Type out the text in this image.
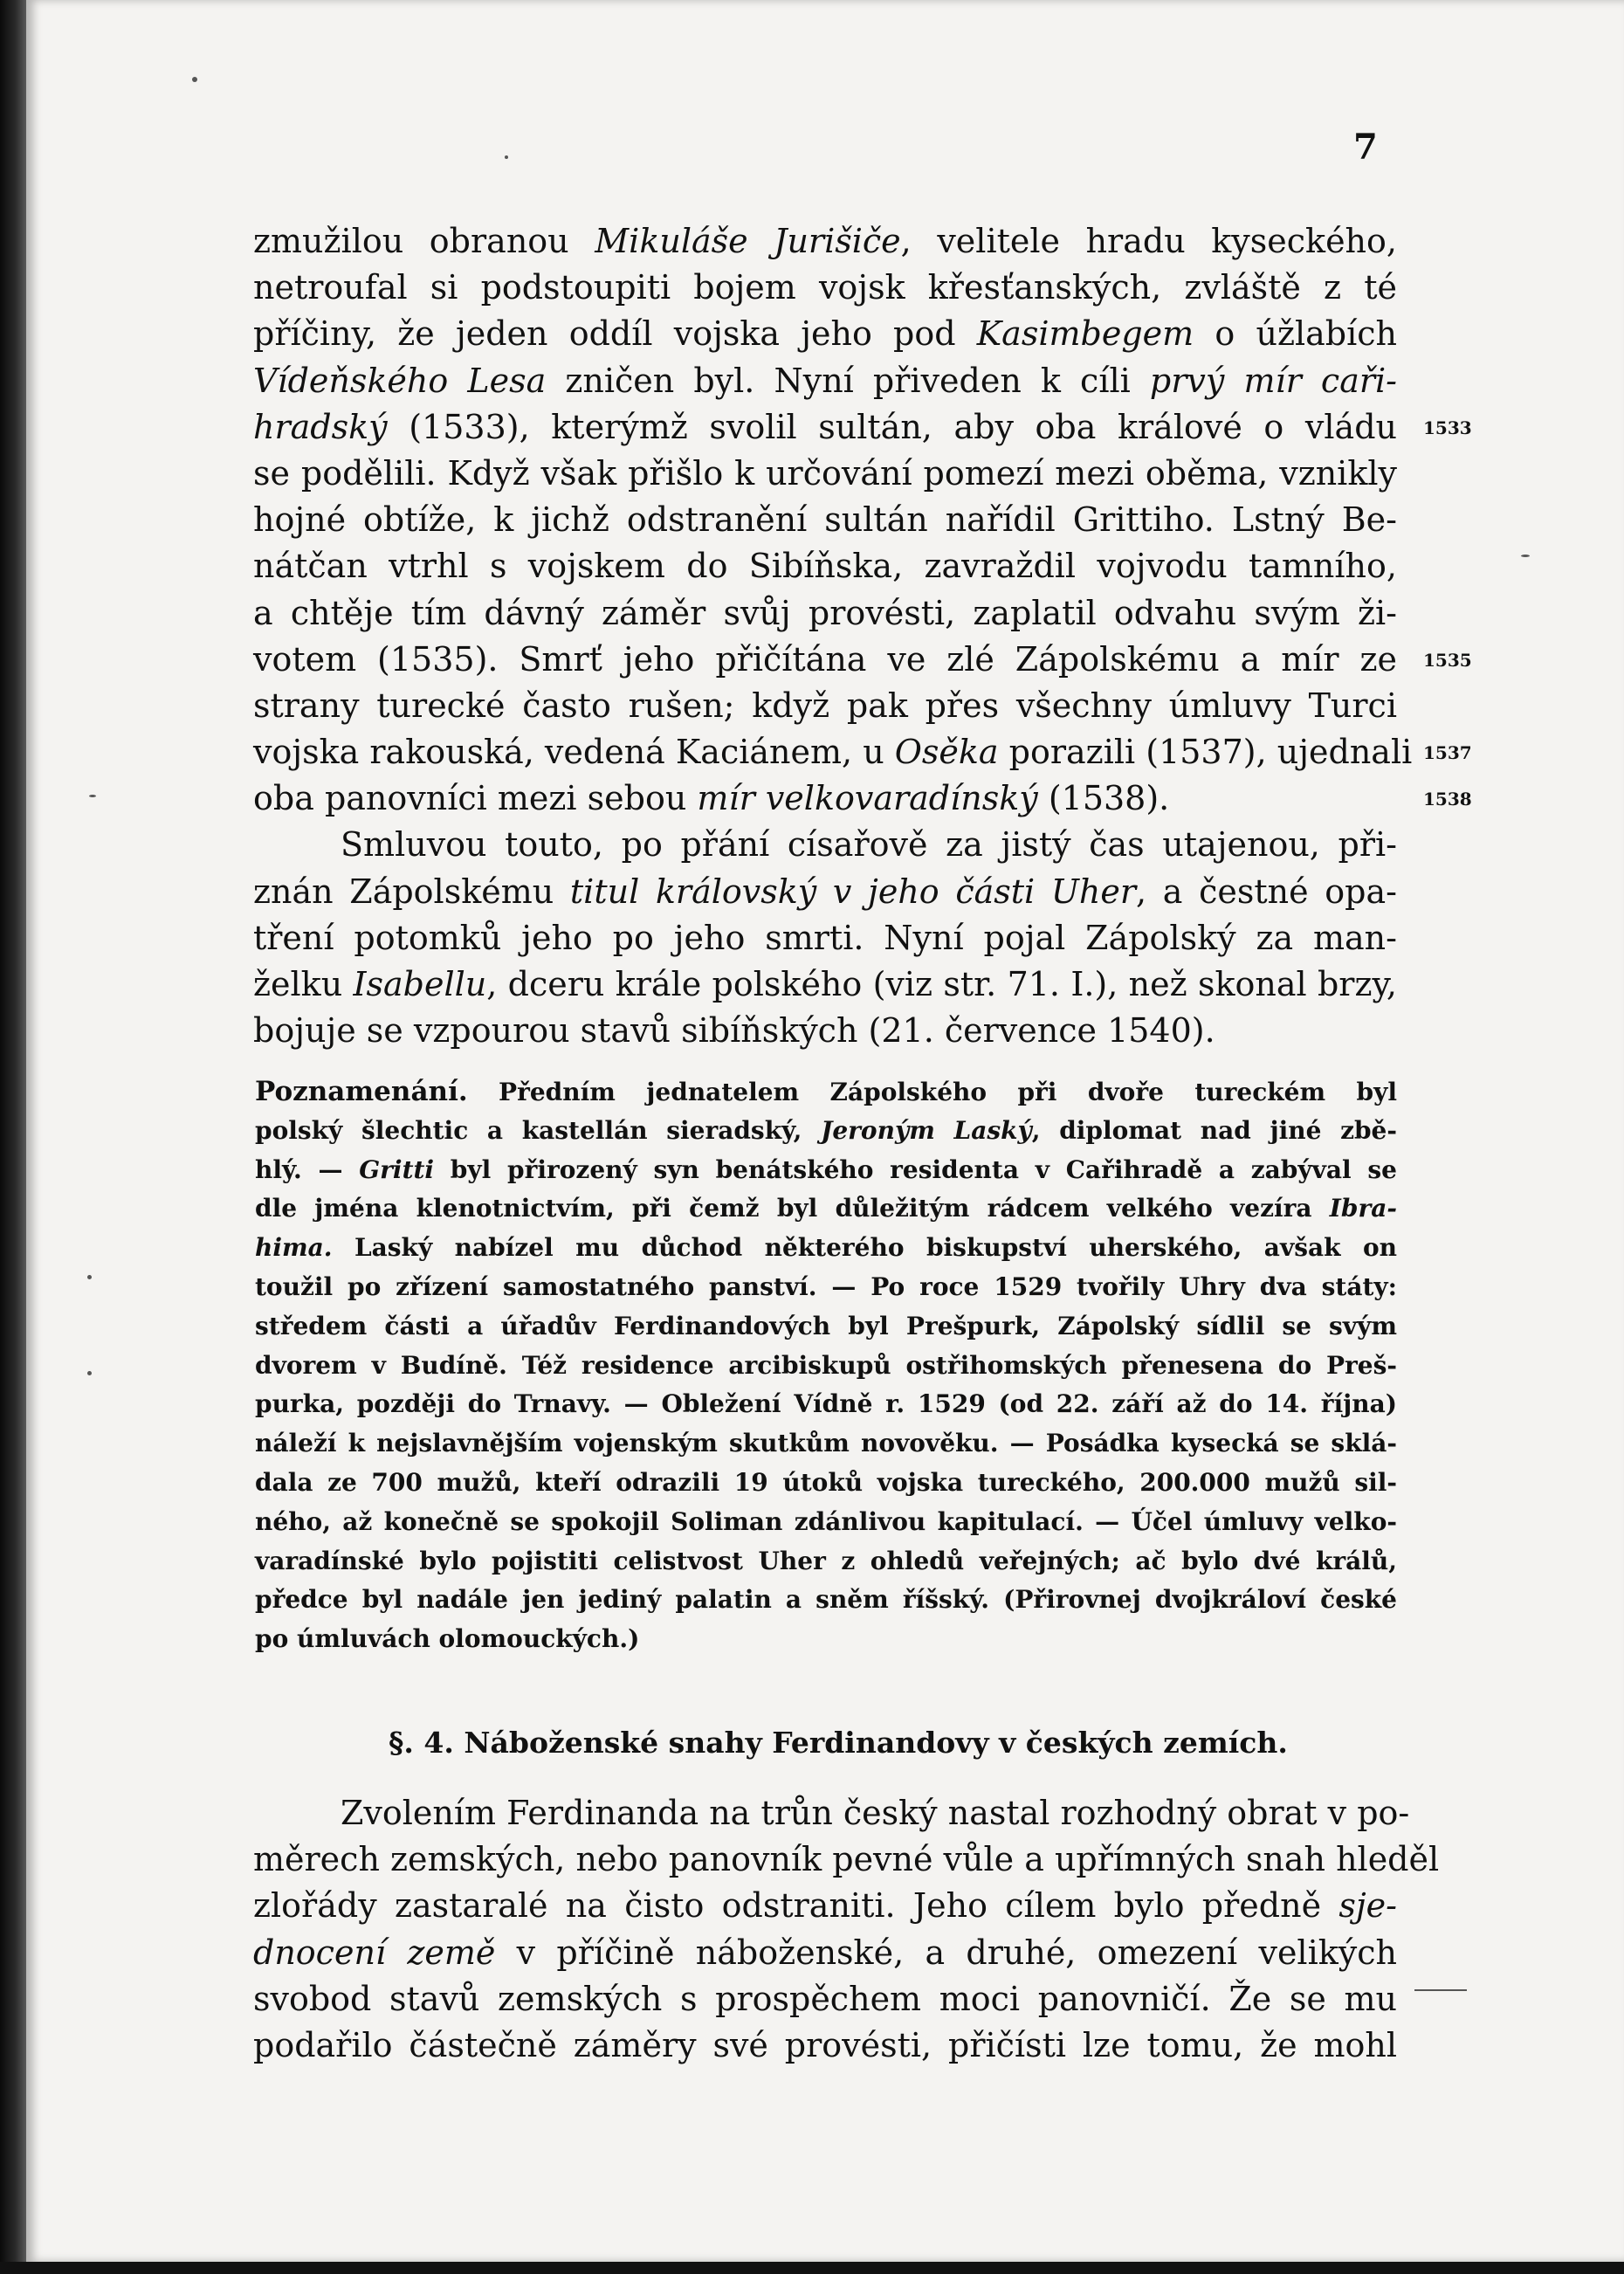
7
zmužilou obranou Mikuláše Jurišiče, velitele hradu kyseckého,
netroufal si podstoupiti bojem vojsk křesťanských, zvláště z té
příčiny, že jeden oddíl vojska jeho pod Kasimbegem o úžlabích
Vídeňského Lesa zničen byl. Nyní přiveden k cíli prvý mír caři-
hradský (1533), kterýmž svolil sultán, aby oba králové o vládu
se podělili. Když však přišlo k určování pomezí mezi oběma, vznikly
hojné obtíže, k jichž odstranění sultán nařídil Grittiho. Lstný Be-
nátčan vtrhl s vojskem do Sibíňska, zavraždil vojvodu tamního,
a chtěje tím dávný záměr svůj provésti, zaplatil odvahu svým ži-
votem (1535). Smrť jeho přičítána ve zlé Zápolskému a mír ze
strany turecké často rušen; když pak přes všechny úmluvy Turci
vojska rakouská, vedená Kaciánem, u Osěka porazili (1537), ujednali
oba panovníci mezi sebou mír velkovaradínský (1538).
Smluvou touto, po přání císařově za jistý čas utajenou, při-
znán Zápolskému titul královský v jeho části Uher, a čestné opa-
tření potomků jeho po jeho smrti. Nyní pojal Zápolský za man-
želku Isabellu, dceru krále polského (viz str. 71. I.), než skonal brzy,
bojuje se vzpourou stavů sibíňských (21. července 1540).
1533
1535
1537
1538
Poznamenání. Předním jednatelem Zápolského při dvoře tureckém byl
polský šlechtic a kastellán sieradský, Jeroným Laský, diplomat nad jiné zbě-
hlý. — Gritti byl přirozený syn benátského residenta v Cařihradě a zabýval se
dle jména klenotnictvím, při čemž byl důležitým rádcem velkého vezíra Ibra-
hima. Laský nabízel mu důchod některého biskupství uherského, avšak on
toužil po zřízení samostatného panství. — Po roce 1529 tvořily Uhry dva státy:
středem části a úřadův Ferdinandových byl Prešpurk, Zápolský sídlil se svým
dvorem v Budíně. Též residence arcibiskupů ostřihomských přenesena do Preš-
purka, později do Trnavy. — Obležení Vídně r. 1529 (od 22. září až do 14. října)
náleží k nejslavnějším vojenským skutkům novověku. — Posádka kysecká se sklá-
dala ze 700 mužů, kteří odrazili 19 útoků vojska tureckého, 200.000 mužů sil-
ného, až konečně se spokojil Soliman zdánlivou kapitulací. — Účel úmluvy velko-
varadínské bylo pojistiti celistvost Uher z ohledů veřejných; ač bylo dvé králů,
předce byl nadále jen jediný palatin a sněm říšský. (Přirovnej dvojkráloví české
po úmluvách olomouckých.)
§. 4. Náboženské snahy Ferdinandovy v českých zemích.
Zvolením Ferdinanda na trůn český nastal rozhodný obrat v po-
měrech zemských, nebo panovník pevné vůle a upřímných snah hleděl
zlořády zastaralé na čisto odstraniti. Jeho cílem bylo předně sje-
dnocení země v příčině náboženské, a druhé, omezení velikých
svobod stavů zemských s prospěchem moci panovničí. Že se mu
podařilo částečně záměry své provésti, přičísti lze tomu, že mohl
